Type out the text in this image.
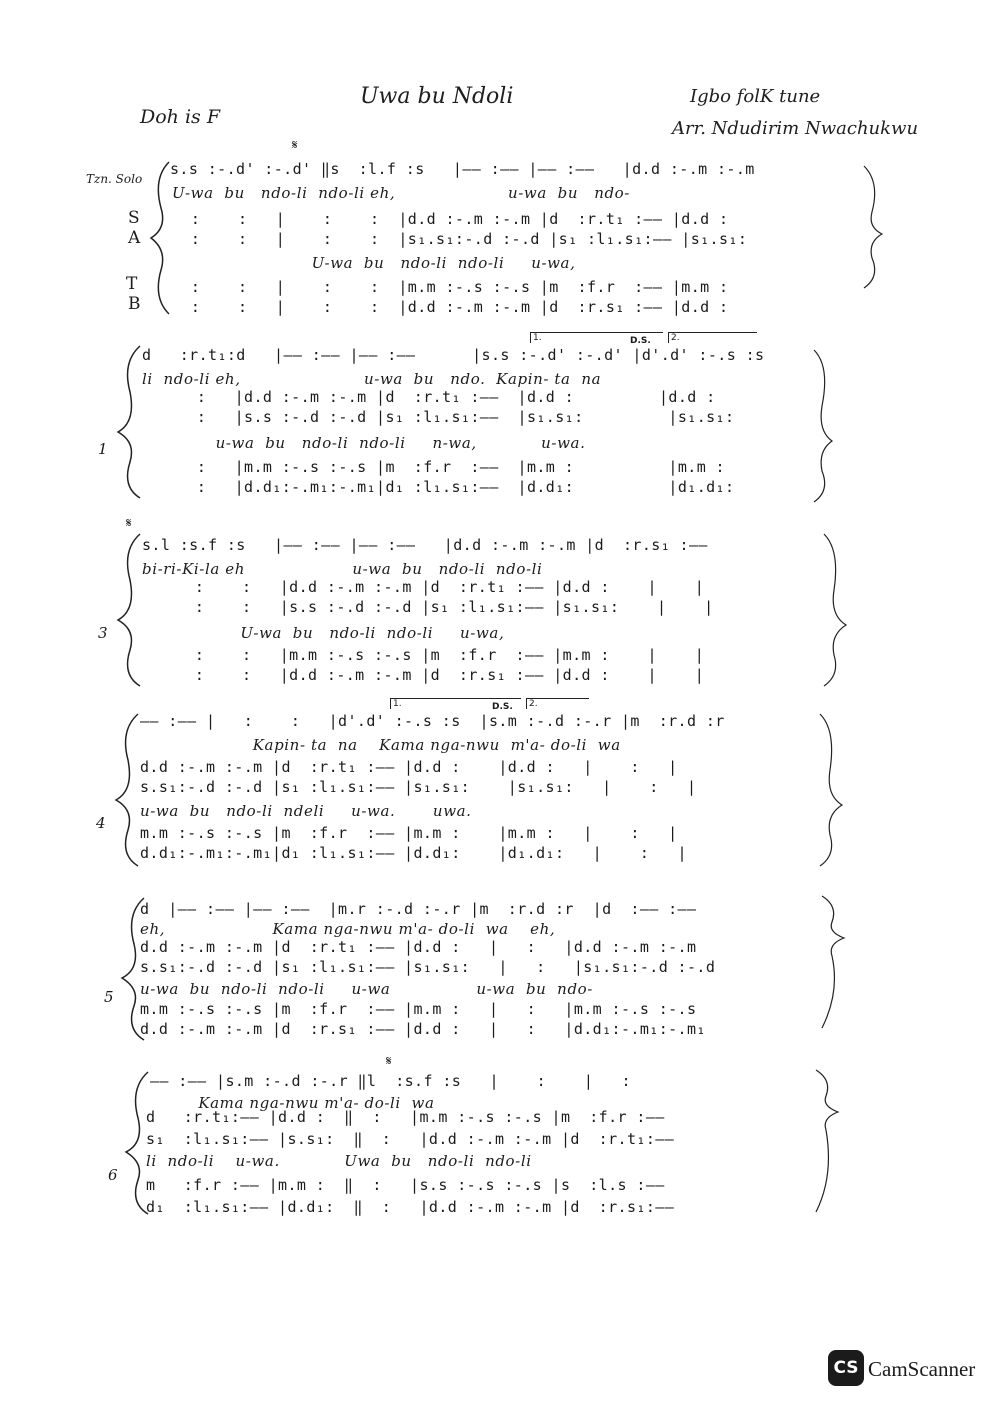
Uwa bu Ndoli
Doh is F
Igbo folK tune
Arr. Ndudirim Nwachukwu
𝄋
Tzn. Solo
S
A
T
B
s.s :-.d' :-.d' ‖s  :l.f :s   |—— :—— |—— :——   |d.d :-.m :-.m
U-wa  bu   ndo-li  ndo-li eh,                     u-wa  bu   ndo-
:    :   |    :    :  |d.d :-.m :-.m |d  :r.t₁ :—— |d.d :
:    :   |    :    :  |s₁.s₁:-.d :-.d |s₁ :l₁.s₁:—— |s₁.s₁:
U-wa  bu   ndo-li  ndo-li     u-wa,
:    :   |    :    :  |m.m :-.s :-.s |m  :f.r  :—— |m.m :
:    :   |    :    :  |d.d :-.m :-.m |d  :r.s₁ :—— |d.d :
1.	D.S.	2.
1
d   :r.t₁:d   |—— :—— |—— :——      |s.s :-.d' :-.d' |d'.d' :-.s :s
li  ndo-li eh,                       u-wa  bu   ndo.  Kapin- ta  na
:   |d.d :-.m :-.m |d  :r.t₁ :——  |d.d :         |d.d :
:   |s.s :-.d :-.d |s₁ :l₁.s₁:——  |s₁.s₁:         |s₁.s₁:
u-wa  bu   ndo-li  ndo-li     n-wa,            u-wa.
:   |m.m :-.s :-.s |m  :f.r  :——  |m.m :          |m.m :
:   |d.d₁:-.m₁:-.m₁|d₁ :l₁.s₁:——  |d.d₁:          |d₁.d₁:
𝄋
3
s.l :s.f :s   |—— :—— |—— :——   |d.d :-.m :-.m |d  :r.s₁ :——
bi-ri-Ki-la eh                    u-wa  bu   ndo-li  ndo-li
:    :   |d.d :-.m :-.m |d  :r.t₁ :—— |d.d :    |    |
:    :   |s.s :-.d :-.d |s₁ :l₁.s₁:—— |s₁.s₁:    |    |
U-wa  bu   ndo-li  ndo-li     u-wa,
:    :   |m.m :-.s :-.s |m  :f.r  :—— |m.m :    |    |
:    :   |d.d :-.m :-.m |d  :r.s₁ :—— |d.d :    |    |
1.	D.S.	2.
4
—— :—— |   :    :   |d'.d' :-.s :s  |s.m :-.d :-.r |m  :r.d :r
Kapin- ta  na    Kama nga-nwu  m'a- do-li  wa
d.d :-.m :-.m |d  :r.t₁ :—— |d.d :    |d.d :   |    :   |
s.s₁:-.d :-.d |s₁ :l₁.s₁:—— |s₁.s₁:    |s₁.s₁:   |    :   |
u-wa  bu   ndo-li  ndeli     u-wa.       uwa.
m.m :-.s :-.s |m  :f.r  :—— |m.m :    |m.m :   |    :   |
d.d₁:-.m₁:-.m₁|d₁ :l₁.s₁:—— |d.d₁:    |d₁.d₁:   |    :   |
5
d  |—— :—— |—— :——  |m.r :-.d :-.r |m  :r.d :r  |d  :—— :——
eh,                    Kama nga-nwu m'a- do-li  wa    eh,
d.d :-.m :-.m |d  :r.t₁ :—— |d.d :   |   :   |d.d :-.m :-.m
s.s₁:-.d :-.d |s₁ :l₁.s₁:—— |s₁.s₁:   |   :   |s₁.s₁:-.d :-.d
u-wa  bu  ndo-li  ndo-li     u-wa                u-wa  bu  ndo-
m.m :-.s :-.s |m  :f.r  :—— |m.m :   |   :   |m.m :-.s :-.s
d.d :-.m :-.m |d  :r.s₁ :—— |d.d :   |   :   |d.d₁:-.m₁:-.m₁
𝄋
6
—— :—— |s.m :-.d :-.r ‖l  :s.f :s   |    :    |   :
Kama nga-nwu m'a- do-li  wa
d   :r.t₁:—— |d.d :  ‖  :   |m.m :-.s :-.s |m  :f.r :——
s₁  :l₁.s₁:—— |s.s₁:  ‖  :   |d.d :-.m :-.m |d  :r.t₁:——
li  ndo-li    u-wa.            Uwa  bu   ndo-li  ndo-li
m   :f.r :—— |m.m :  ‖  :   |s.s :-.s :-.s |s  :l.s :——
d₁  :l₁.s₁:—— |d.d₁:  ‖  :   |d.d :-.m :-.m |d  :r.s₁:——
CS CamScanner
